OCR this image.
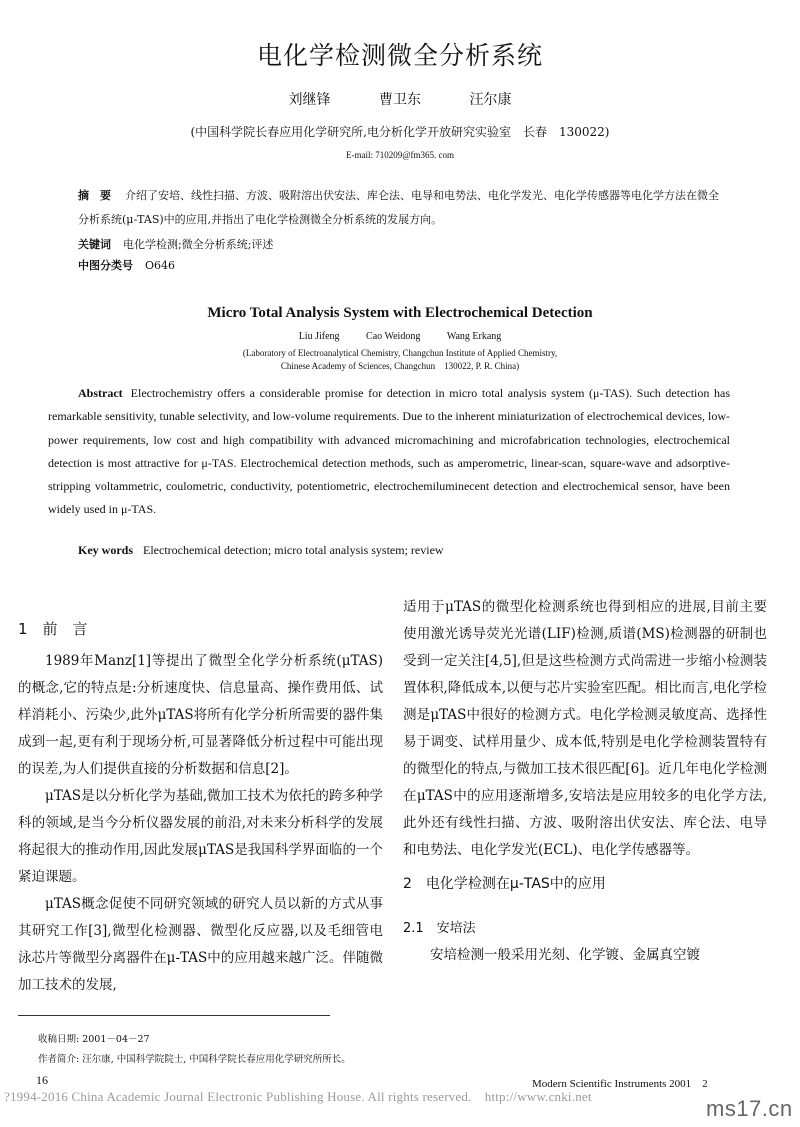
电化学检测微全分析系统
刘继锋	曹卫东	汪尔康
(中国科学院长春应用化学研究所,电分析化学开放研究实验室　长春　130022)
E-mail: 710209@fm365. com
摘　要 介绍了安培、线性扫描、方波、吸附溶出伏安法、库仑法、电导和电势法、电化学发光、电化学传感器等电化学方法在微全分析系统(μ-TAS)中的应用,并指出了电化学检测微全分析系统的发展方向。
关键词 电化学检测;微全分析系统;评述
中图分类号 O646
Micro Total Analysis System with Electrochemical Detection
Liu Jifeng	Cao Weidong	Wang Erkang
(Laboratory of Electroanalytical Chemistry, Changchun Institute of Applied Chemistry,
Chinese Academy of Sciences, Changchun　130022, P. R. China)
Abstract Electrochemistry offers a considerable promise for detection in micro total analysis system (μ-TAS). Such detection has remarkable sensitivity, tunable selectivity, and low-volume requirements. Due to the inherent miniaturization of electrochemical devices, low-power requirements, low cost and high compatibility with advanced micromachining and microfabrication technologies, electrochemical detection is most attractive for μ-TAS. Electrochemical detection methods, such as amperometric, linear-scan, square-wave and adsorptive-stripping voltammetric, coulometric, conductivity, potentiometric, electrochemiluminecent detection and electrochemical sensor, have been widely used in μ-TAS.
Key words Electrochemical detection; micro total analysis system; review
1　前　言

1989年Manz[1]等提出了微型全化学分析系统(μTAS)的概念,它的特点是:分析速度快、信息量高、操作费用低、试样消耗小、污染少,此外μTAS将所有化学分析所需要的器件集成到一起,更有利于现场分析,可显著降低分析过程中可能出现的误差,为人们提供直接的分析数据和信息[2]。

μTAS是以分析化学为基础,微加工技术为依托的跨多种学科的领域,是当今分析仪器发展的前沿,对未来分析科学的发展将起很大的推动作用,因此发展μTAS是我国科学界面临的一个紧迫课题。

μTAS概念促使不同研究领域的研究人员以新的方式从事其研究工作[3],微型化检测器、微型化反应器,以及毛细管电泳芯片等微型分离器件在μ-TAS中的应用越来越广泛。伴随微加工技术的发展,

适用于μTAS的微型化检测系统也得到相应的进展,目前主要使用激光诱导荧光光谱(LIF)检测,质谱(MS)检测器的研制也受到一定关注[4,5],但是这些检测方式尚需进一步缩小检测装置体积,降低成本,以便与芯片实验室匹配。相比而言,电化学检测是μTAS中很好的检测方式。电化学检测灵敏度高、选择性易于调变、试样用量少、成本低,特别是电化学检测装置特有的微型化的特点,与微加工技术很匹配[6]。近几年电化学检测在μTAS中的应用逐渐增多,安培法是应用较多的电化学方法,此外还有线性扫描、方波、吸附溶出伏安法、库仑法、电导和电势法、电化学发光(ECL)、电化学传感器等。

2　电化学检测在μ-TAS中的应用
2.1　安培法

安培检测一般采用光刻、化学镀、金属真空镀

收稿日期: 2001－04－27
作者简介: 汪尔康, 中国科学院院士, 中国科学院长春应用化学研究所所长。
16	Modern Scientific Instruments 2001　2
?1994-2016 China Academic Journal Electronic Publishing House. All rights reserved.　http://www.cnki.net	ms17.cn
